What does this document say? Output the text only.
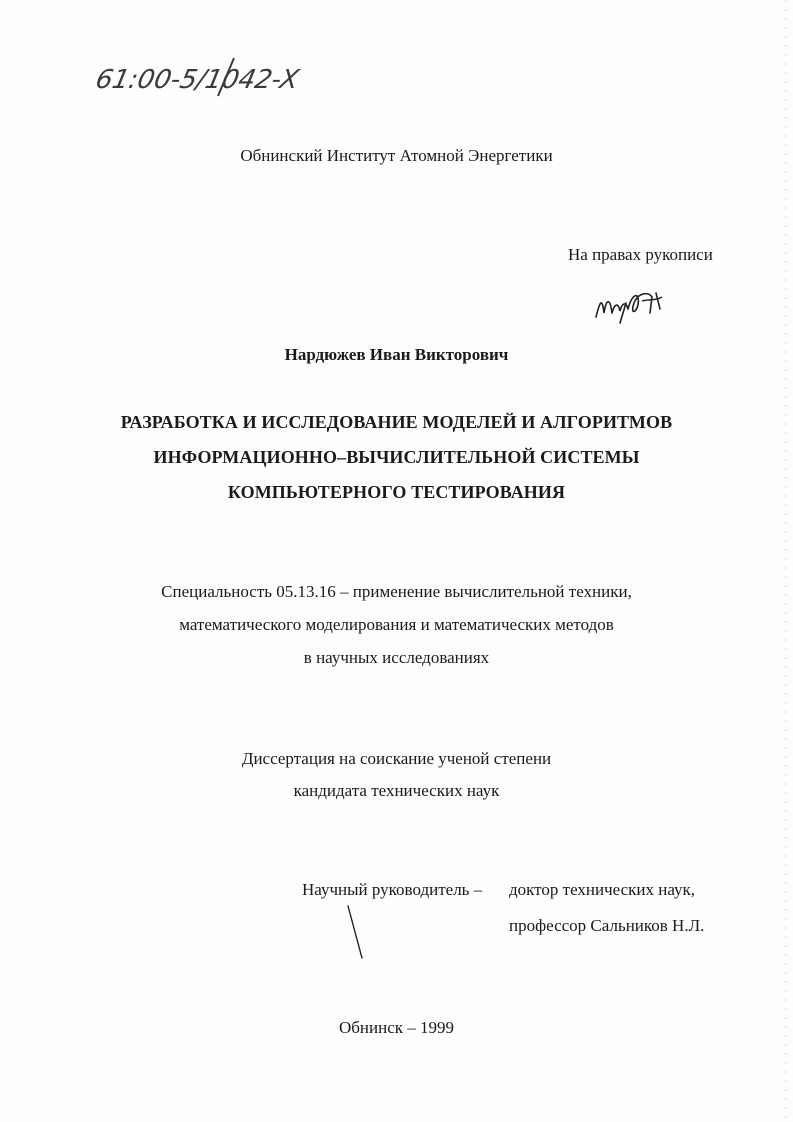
61:00-5/1042-X
Обнинский Институт Атомной Энергетики
На правах рукописи
Нардюжев Иван Викторович
РАЗРАБОТКА И ИССЛЕДОВАНИЕ МОДЕЛЕЙ И АЛГОРИТМОВ
ИНФОРМАЦИОННО–ВЫЧИСЛИТЕЛЬНОЙ СИСТЕМЫ
КОМПЬЮТЕРНОГО ТЕСТИРОВАНИЯ
Специальность 05.13.16 – применение вычислительной техники,
математического моделирования и математических методов
в научных исследованиях
Диссертация на соискание ученой степени
кандидата технических наук
Научный руководитель – доктор технических наук,
профессор Сальников Н.Л.
Обнинск – 1999
